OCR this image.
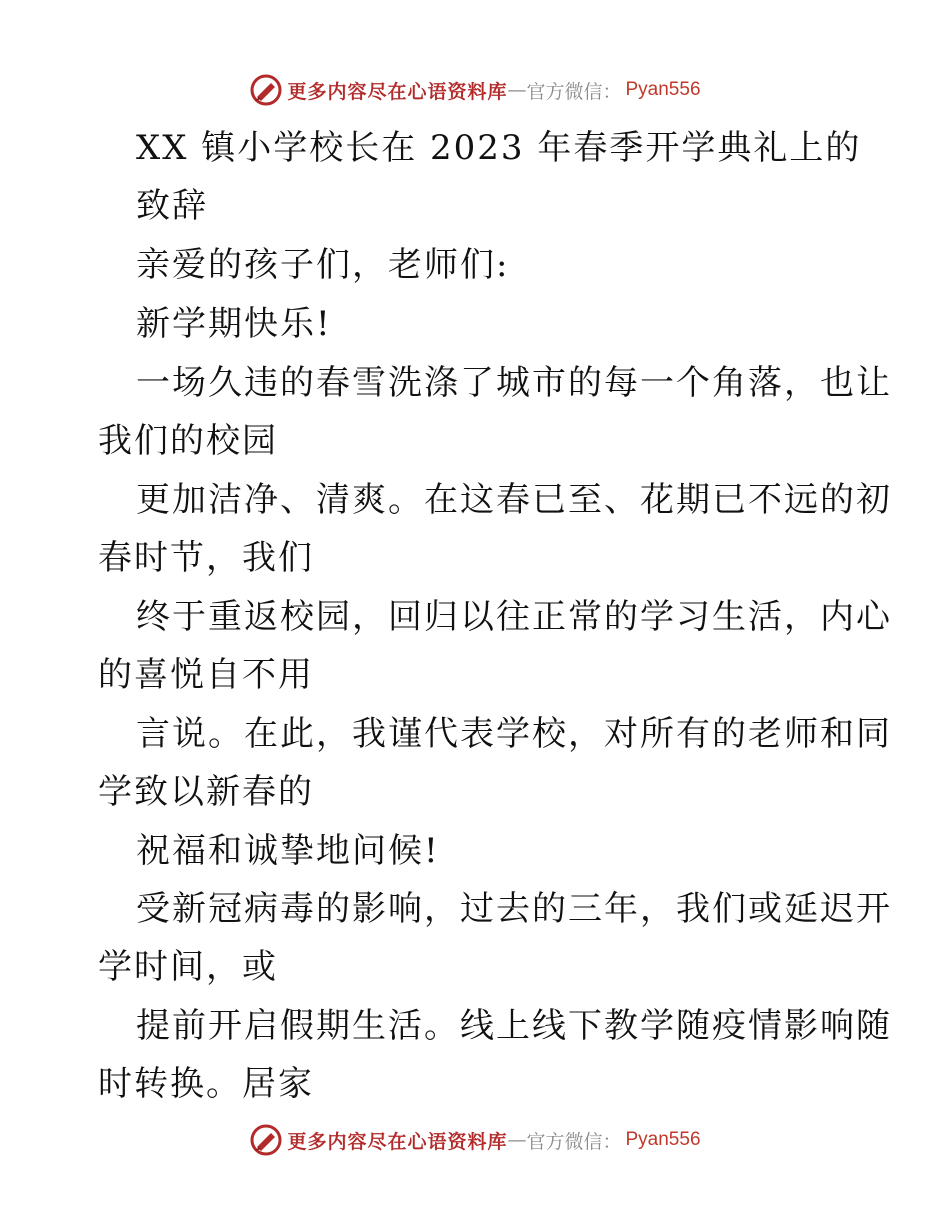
更多内容尽在心语资料库 — 官方微信： Pyan556
XX 镇小学校长在 2023 年春季开学典礼上的
致辞
亲爱的孩子们，老师们:
新学期快乐!
一场久违的春雪洗涤了城市的每一个角落，也让
我们的校园
更加洁净、清爽。在这春已至、花期已不远的初
春时节，我们
终于重返校园，回归以往正常的学习生活，内心
的喜悦自不用
言说。在此，我谨代表学校，对所有的老师和同
学致以新春的
祝福和诚挚地问候!
受新冠病毒的影响，过去的三年，我们或延迟开
学时间，或
提前开启假期生活。线上线下教学随疫情影响随
时转换。居家
更多内容尽在心语资料库 — 官方微信： Pyan556
